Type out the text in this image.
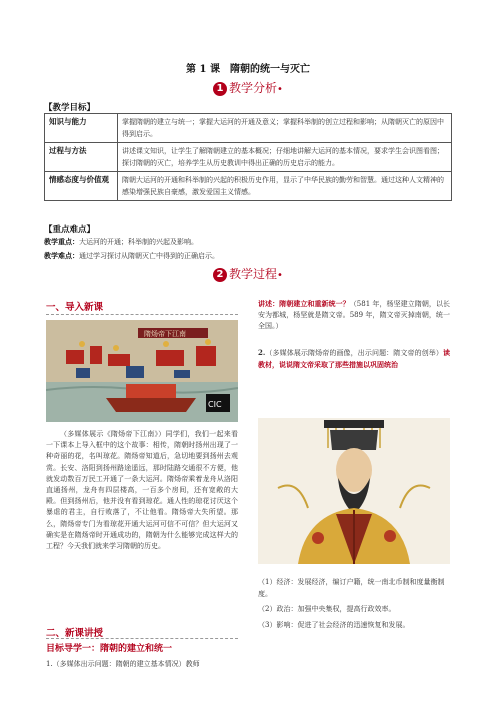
第 1 课　隋朝的统一与灭亡
1 教学分析•
【教学目标】
知识与能力	掌握隋朝的建立与统一；掌握大运河的开通及意义；掌握科举制的创立过程和影响；从隋朝灭亡的原因中得到启示。
过程与方法	讲述课文知识，让学生了解隋朝建立的基本概况；仔细地讲解大运河的基本情况，要求学生会识图看图；探讨隋朝的灭亡，培养学生从历史教训中得出正确的历史启示的能力。
情感态度与价值观	隋朝大运河的开通和科举制的兴起的积极历史作用，显示了中华民族的勤劳和智慧。通过这种人文精神的感染增强民族自豪感，激发爱国主义情感。
【重点难点】
教学重点：大运河的开通；科举制的兴起及影响。
教学难点：通过学习探讨从隋朝灭亡中得到的正确启示。
2 教学过程•
一、导入新课
隋炀帝下江南
CIC
（多媒体展示《隋炀帝下江南》）同学们，我们一起来看一下课本上导入框中的这个故事：相传，隋朝时扬州出现了一种奇丽的花，名叫琼花。隋炀帝知道后，急切地要到扬州去观赏。长安、洛阳到扬州路途遥远，那时陆路交通很不方便，他就发动数百万民工开通了一条大运河。隋炀帝乘着龙舟从洛阳直通扬州，龙舟有四层楼高，一百多个房间，还有宽敞的大殿。但到扬州后，他并没有看到琼花。通人性的琼花讨厌这个暴虐的君主，自行败落了，不让他看。隋炀帝大失所望。那么，隋炀帝专门为看琼花开通大运河可信不可信？但大运河又确实是在隋炀帝时开通成功的，隋朝为什么能够完成这样大的工程？今天我们就来学习隋朝的历史。
二、新课讲授
目标导学一：隋朝的建立和统一
1.（多媒体出示问题：隋朝的建立基本情况）教师
讲述：隋朝建立和重新统一？（581 年，杨坚建立隋朝，以长安为都城，杨坚就是隋文帝。589 年，隋文帝灭掉南朝，统一全国。）
2.（多媒体展示隋炀帝的画像，出示问题：隋文帝的创举）读教材，说说隋文帝采取了那些措施以巩固统治
（1）经济：发展经济，编订户籍，统一南北币制和度量衡制度。
（2）政治：加强中央集权，提高行政效率。
（3）影响：促进了社会经济的迅速恢复和发展。
